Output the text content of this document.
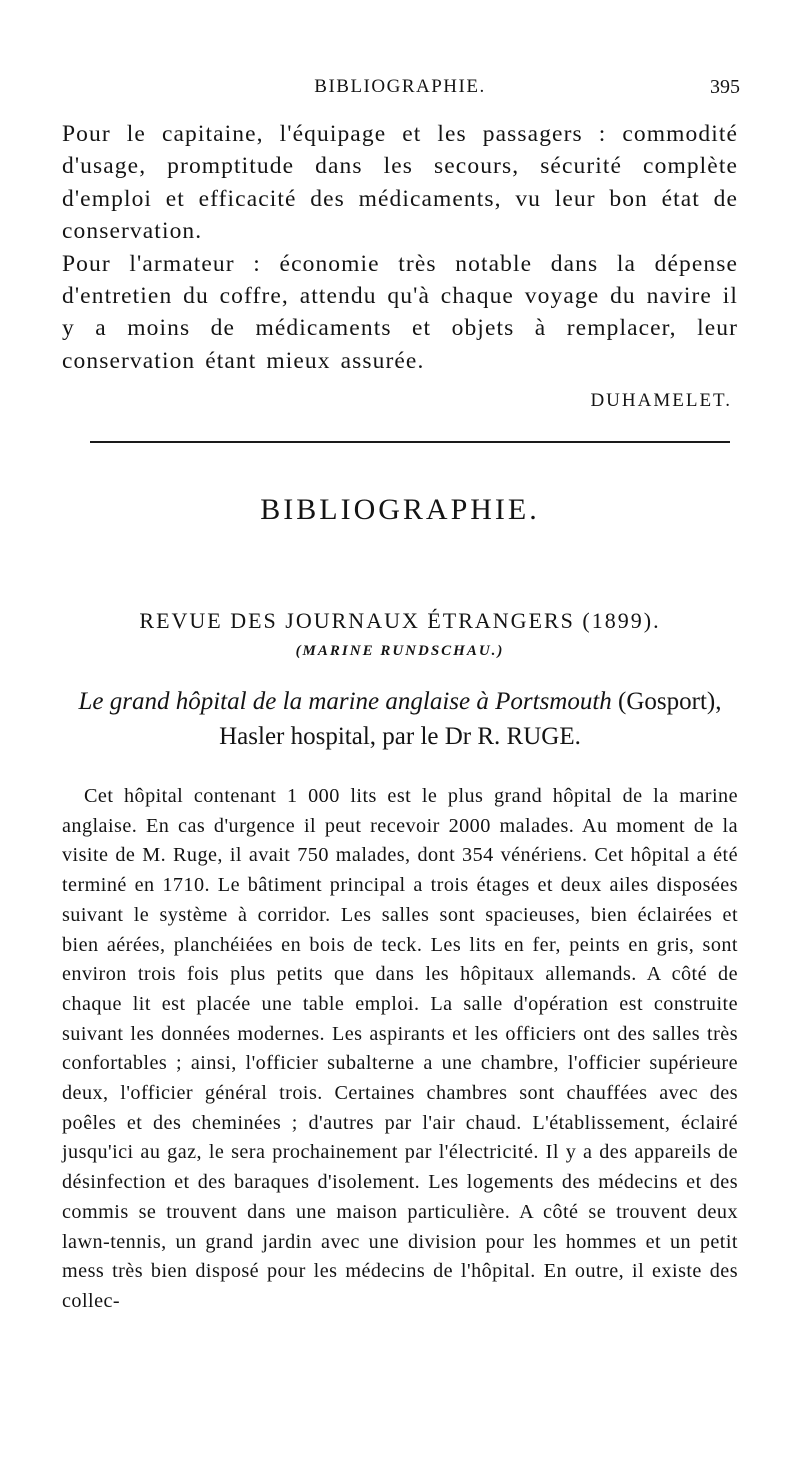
BIBLIOGRAPHIE.	395

Pour le capitaine, l'équipage et les passagers : commodité d'usage, promptitude dans les secours, sécurité complète d'emploi et efficacité des médicaments, vu leur bon état de conservation.

Pour l'armateur : économie très notable dans la dépense d'entretien du coffre, attendu qu'à chaque voyage du navire il y a moins de médicaments et objets à remplacer, leur conservation étant mieux assurée.

DUHAMELET.
BIBLIOGRAPHIE.
REVUE DES JOURNAUX ÉTRANGERS (1899).
(MARINE RUNDSCHAU.)
Le grand hôpital de la marine anglaise à Portsmouth (Gosport), Hasler hospital, par le Dr R. RUGE.

Cet hôpital contenant 1 000 lits est le plus grand hôpital de la marine anglaise. En cas d'urgence il peut recevoir 2000 malades. Au moment de la visite de M. Ruge, il avait 750 malades, dont 354 vénériens. Cet hôpital a été terminé en 1710. Le bâtiment principal a trois étages et deux ailes disposées suivant le système à corridor. Les salles sont spacieuses, bien éclairées et bien aérées, planchéiées en bois de teck. Les lits en fer, peints en gris, sont environ trois fois plus petits que dans les hôpitaux allemands. A côté de chaque lit est placée une table emploi. La salle d'opération est construite suivant les données modernes. Les aspirants et les officiers ont des salles très confortables ; ainsi, l'officier subalterne a une chambre, l'officier supérieure deux, l'officier général trois. Certaines chambres sont chauffées avec des poêles et des cheminées ; d'autres par l'air chaud. L'établissement, éclairé jusqu'ici au gaz, le sera prochainement par l'électricité. Il y a des appareils de désinfection et des baraques d'isolement. Les logements des médecins et des commis se trouvent dans une maison particulière. A côté se trouvent deux lawn-tennis, un grand jardin avec une division pour les hommes et un petit mess très bien disposé pour les médecins de l'hôpital. En outre, il existe des collec-
